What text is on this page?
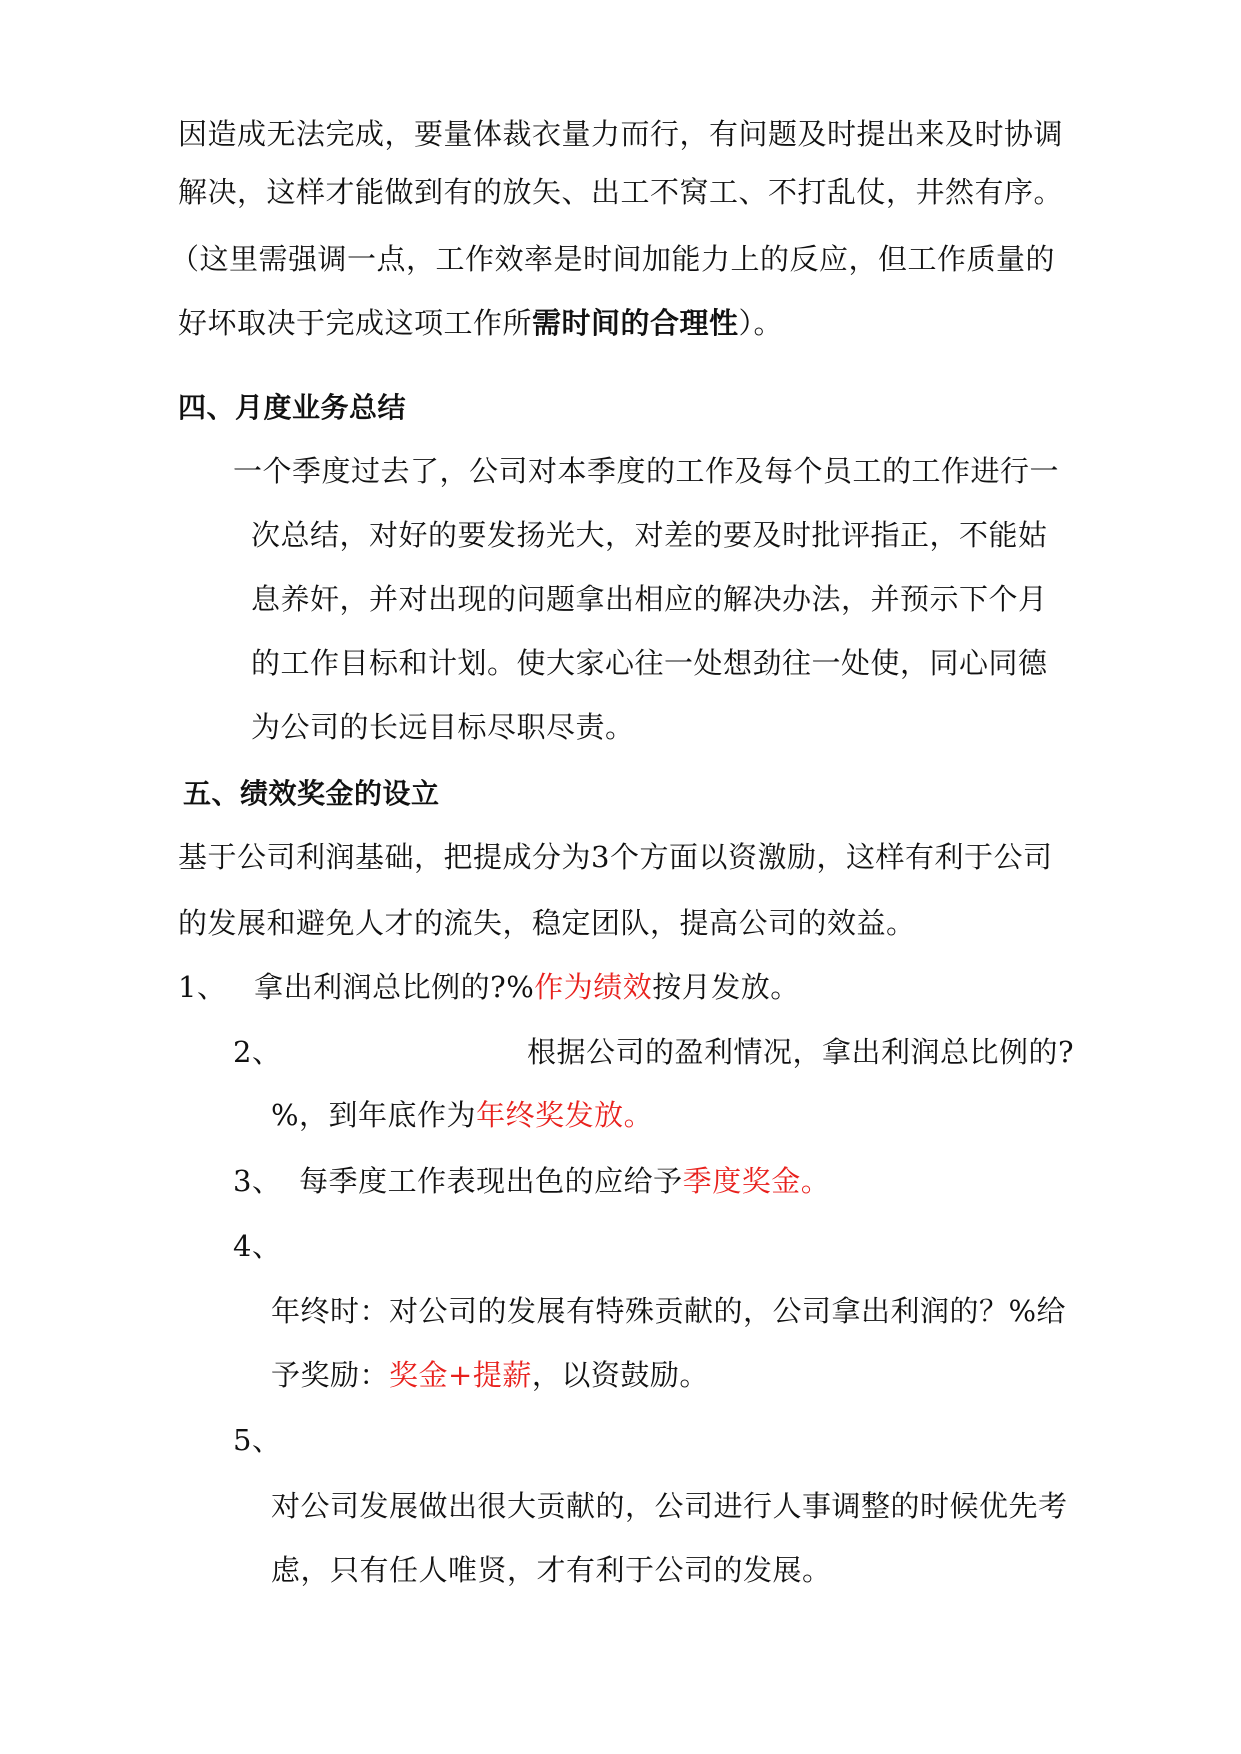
因造成无法完成，要量体裁衣量力而行，有问题及时提出来及时协调
解决，这样才能做到有的放矢、出工不窝工、不打乱仗，井然有序。
（这里需强调一点，工作效率是时间加能力上的反应，但工作质量的
好坏取决于完成这项工作所需时间的合理性）。
四、月度业务总结
一个季度过去了，公司对本季度的工作及每个员工的工作进行一
次总结，对好的要发扬光大，对差的要及时批评指正，不能姑
息养奸，并对出现的问题拿出相应的解决办法，并预示下个月
的工作目标和计划。使大家心往一处想劲往一处使，同心同德
为公司的长远目标尽职尽责。
五、绩效奖金的设立
基于公司利润基础，把提成分为3个方面以资激励，这样有利于公司
的发展和避免人才的流失，稳定团队，提高公司的效益。
1、 拿出利润总比例的?%作为绩效按月发放。
2、	根据公司的盈利情况，拿出利润总比例的?
%，到年底作为年终奖发放。
3、 每季度工作表现出色的应给予季度奖金。
4、
年终时：对公司的发展有特殊贡献的，公司拿出利润的？%给
予奖励：奖金+提薪，以资鼓励。
5、
对公司发展做出很大贡献的，公司进行人事调整的时候优先考
虑，只有任人唯贤，才有利于公司的发展。
